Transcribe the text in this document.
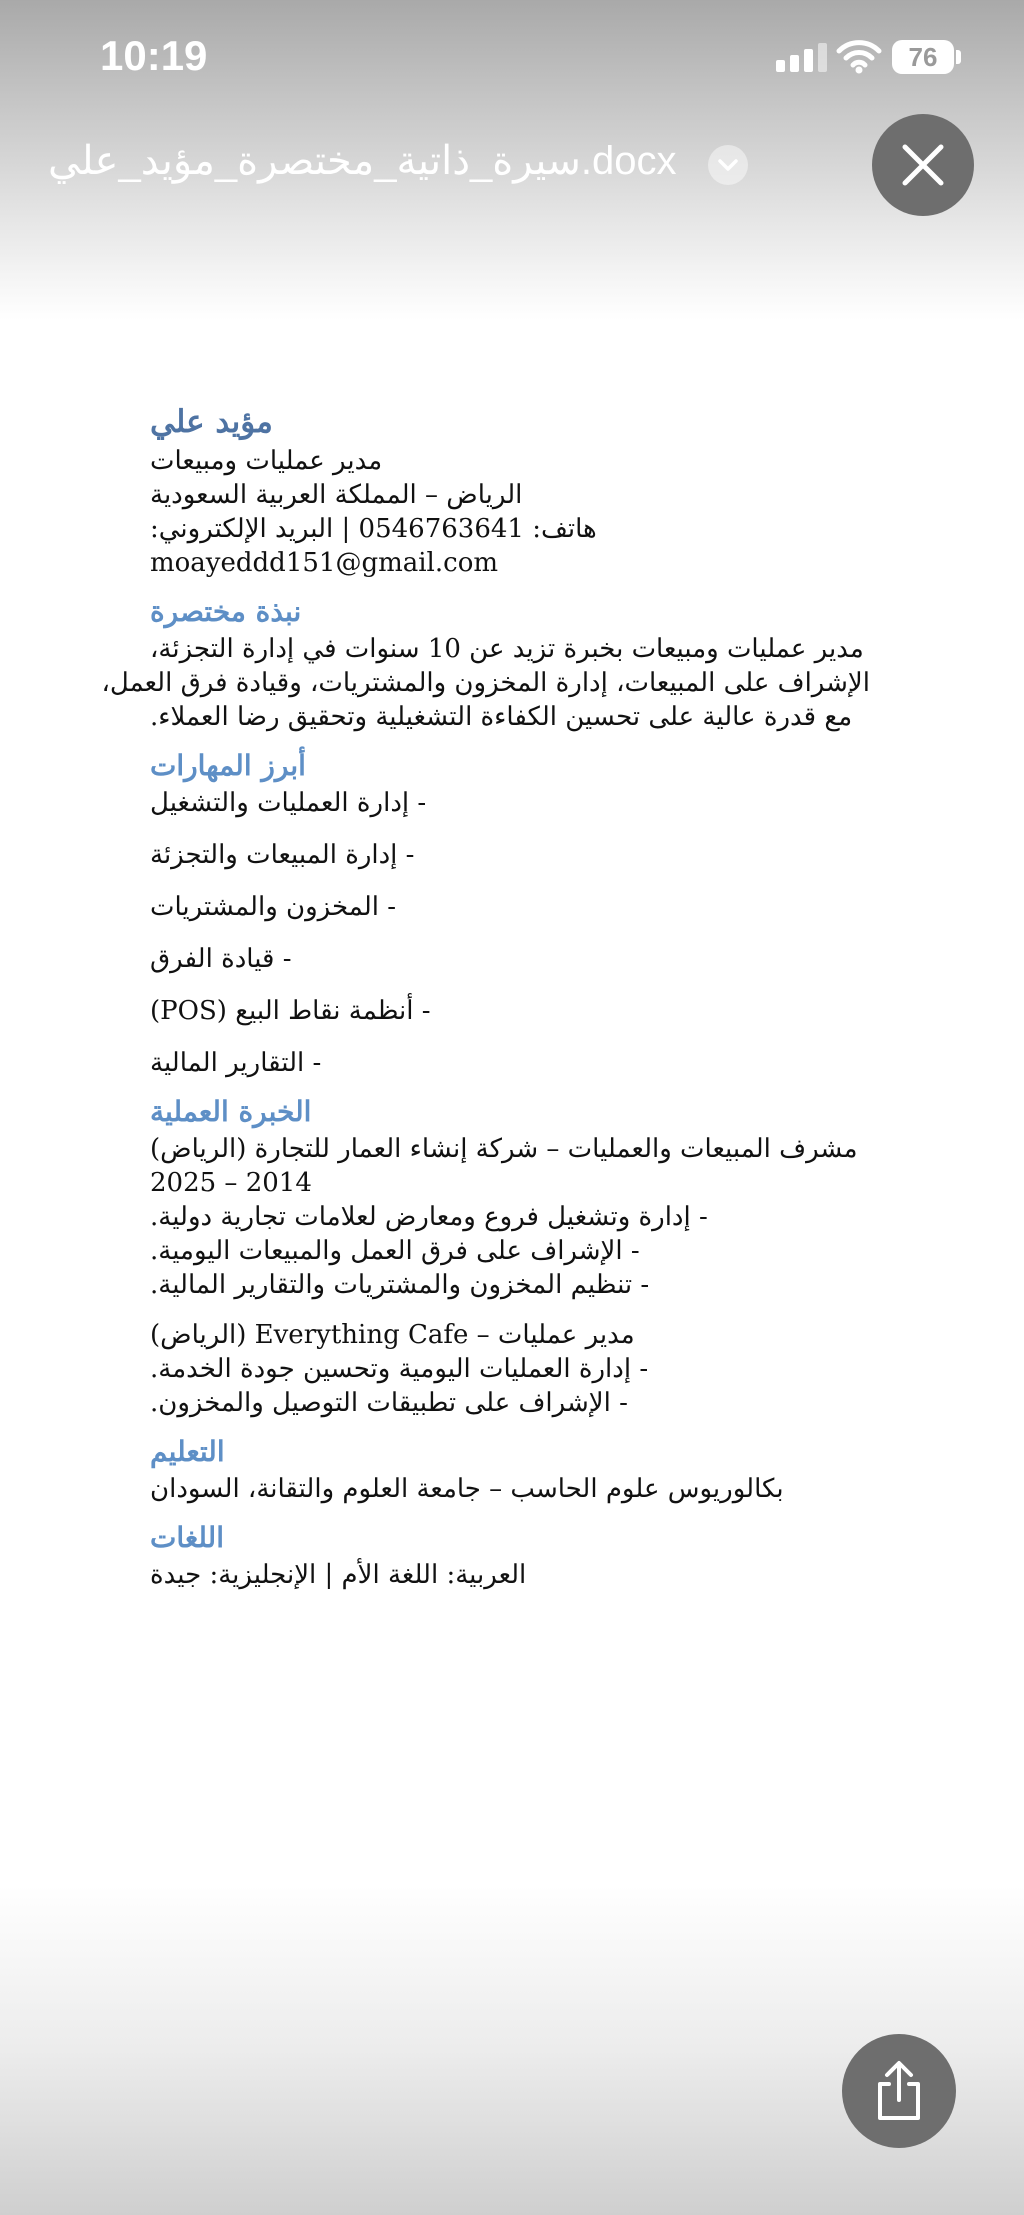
10:19	76
سيرة_ذاتية_مختصرة_مؤيد_علي.docx
مؤيد علي
مدير عمليات ومبيعات
الرياض – المملكة العربية السعودية
هاتف: 0546763641 | البريد الإلكتروني:
moayeddd151@gmail.com
نبذة مختصرة
مدير عمليات ومبيعات بخبرة تزيد عن 10 سنوات في إدارة التجزئة،
الإشراف على المبيعات، إدارة المخزون والمشتريات، وقيادة فرق العمل،
مع قدرة عالية على تحسين الكفاءة التشغيلية وتحقيق رضا العملاء.
أبرز المهارات
- إدارة العمليات والتشغيل
- إدارة المبيعات والتجزئة
- المخزون والمشتريات
- قيادة الفرق
- أنظمة نقاط البيع (POS)
- التقارير المالية
الخبرة العملية
مشرف المبيعات والعمليات – شركة إنشاء العمار للتجارة (الرياض)
2014 – 2025
- إدارة وتشغيل فروع ومعارض لعلامات تجارية دولية.
- الإشراف على فرق العمل والمبيعات اليومية.
- تنظيم المخزون والمشتريات والتقارير المالية.
مدير عمليات – Everything Cafe (الرياض)
- إدارة العمليات اليومية وتحسين جودة الخدمة.
- الإشراف على تطبيقات التوصيل والمخزون.
التعليم
بكالوريوس علوم الحاسب – جامعة العلوم والتقانة، السودان
اللغات
العربية: اللغة الأم | الإنجليزية: جيدة
